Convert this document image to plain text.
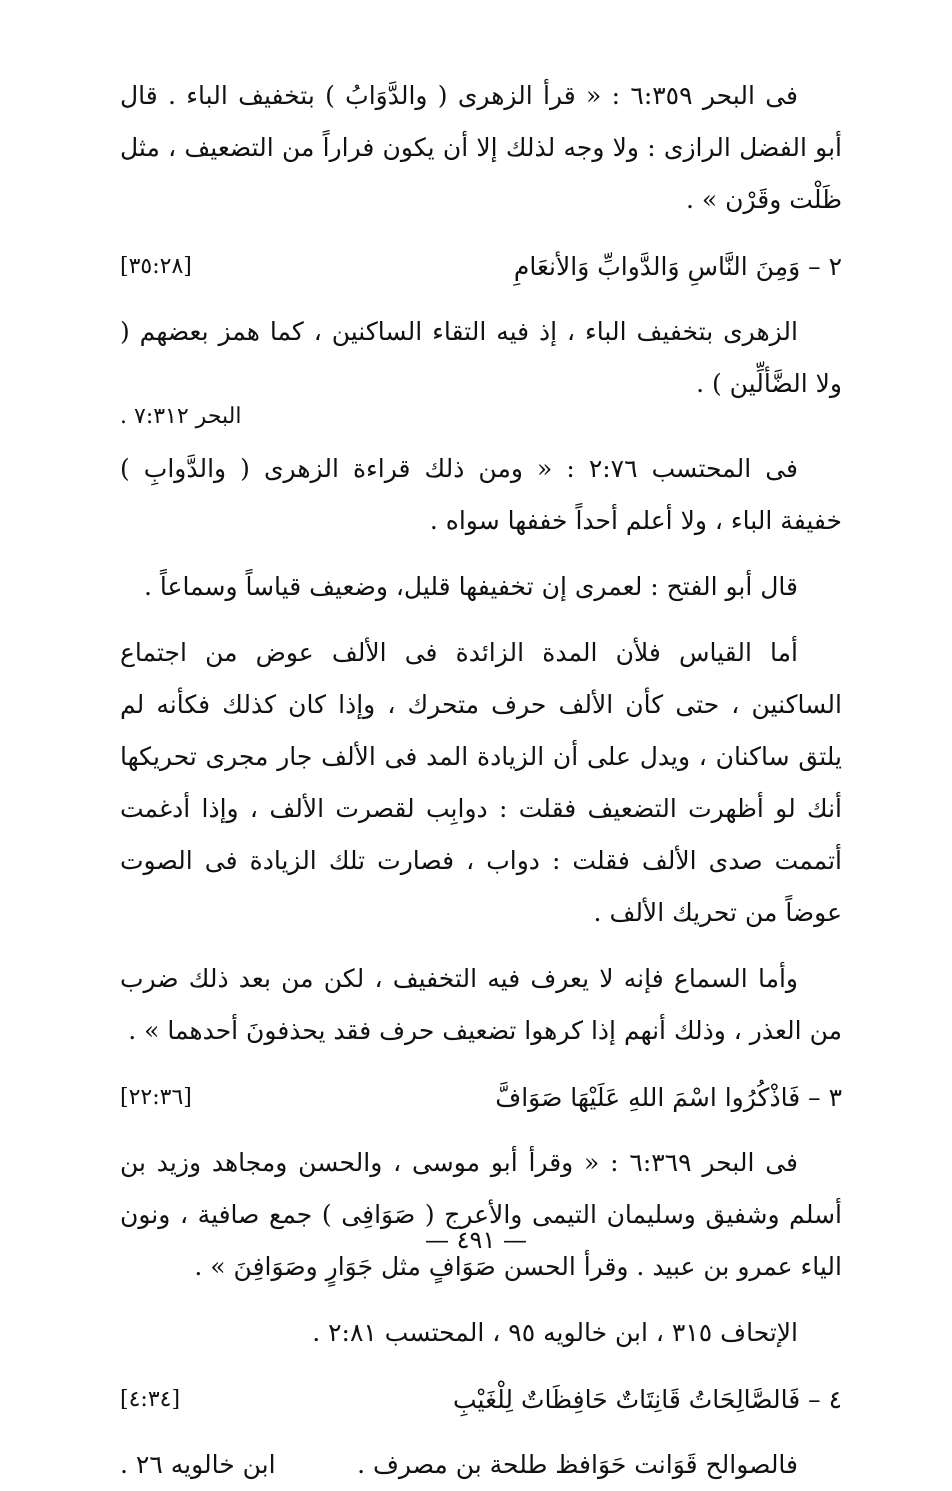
فى البحر ٦:٣٥٩ : « قرأ الزهرى ( والدَّوَابُ ) بتخفيف الباء . قال أبو الفضل الرازى : ولا وجه لذلك إلا أن يكون فراراً من التضعيف ، مثل ظَلْت وقَرْن » .

٢ – وَمِنَ النَّاسِ وَالدَّوابِّ وَالأنعَامِ
[٣٥:٢٨]

الزهرى بتخفيف الباء ، إذ فيه التقاء الساكنين ، كما همز بعضهم ( ولا الضَّألِّين ) .

البحر ٧:٣١٢ .

فى المحتسب ٢:٧٦ : « ومن ذلك قراءة الزهرى ( والدَّوابِ ) خفيفة الباء ، ولا أعلم أحداً خففها سواه .

قال أبو الفتح : لعمرى إن تخفيفها قليل، وضعيف قياساً وسماعاً .

أما القياس فلأن المدة الزائدة فى الألف عوض من اجتماع الساكنين ، حتى كأن الألف حرف متحرك ، وإذا كان كذلك فكأنه لم يلتق ساكنان ، ويدل على أن الزيادة المد فى الألف جار مجرى تحريكها أنك لو أظهرت التضعيف فقلت : دوابِب لقصرت الألف ، وإذا أدغمت أتممت صدى الألف فقلت : دواب ، فصارت تلك الزيادة فى الصوت عوضاً من تحريك الألف .

وأما السماع فإنه لا يعرف فيه التخفيف ، لكن من بعد ذلك ضرب من العذر ، وذلك أنهم إذا كرهوا تضعيف حرف فقد يحذفونَ أحدهما » .

٣ – فَاذْكُرُوا اسْمَ اللهِ عَلَيْهَا صَوَافَّ
[٢٢:٣٦]

فى البحر ٦:٣٦٩ : « وقرأ أبو موسى ، والحسن ومجاهد وزيد بن أسلم وشفيق وسليمان التيمى والأعرج ( صَوَافِى ) جمع صافية ، ونون الياء عمرو بن عبيد . وقرأ الحسن صَوَافٍ مثل جَوَارٍ وصَوَافِنَ » .

الإتحاف ٣١٥ ، ابن خالويه ٩٥ ، المحتسب ٢:٨١ .

٤ – فَالصَّالِحَاتُ قَانِتَاتٌ حَافِظَاتٌ لِلْغَيْبِ
[٤:٣٤]
فالصوالح قَوَانت حَوَافظ طلحة بن مصرف .
ابن خالويه ٢٦ .
— ٤٩١ —
